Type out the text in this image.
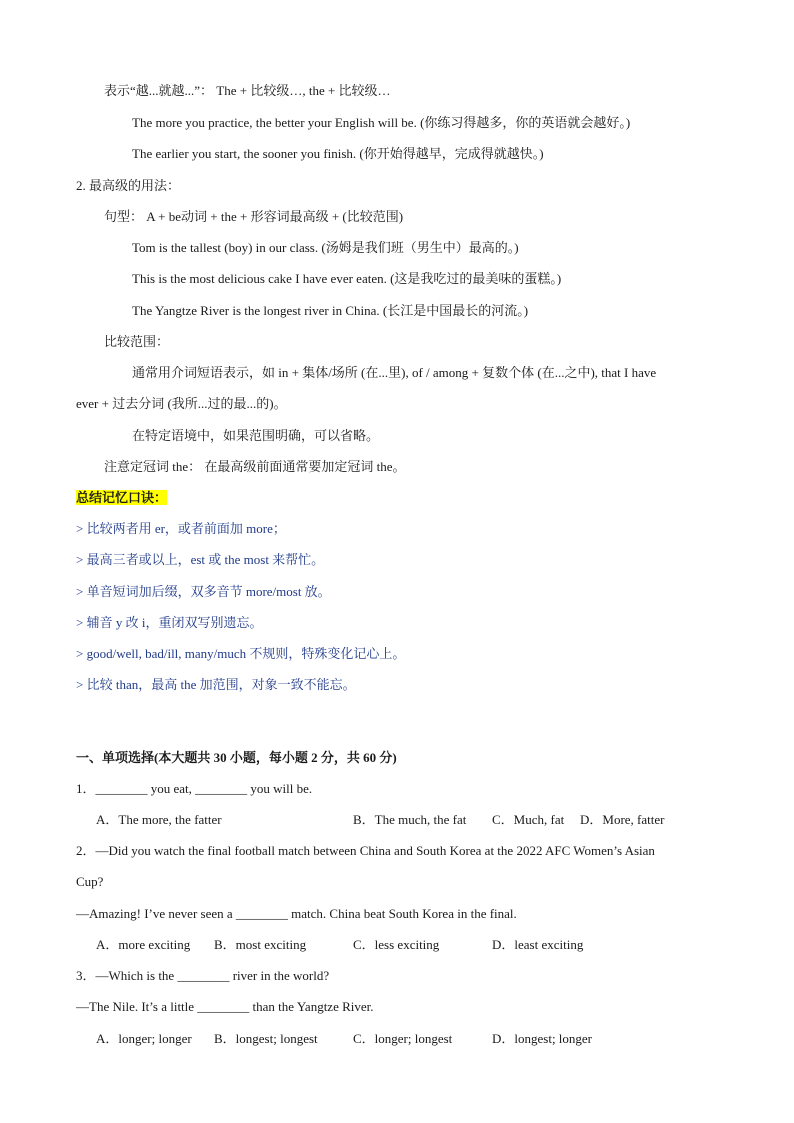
表示“越...就越...”： The + 比较级…, the + 比较级…
The more you practice, the better your English will be. (你练习得越多，你的英语就会越好。)
The earlier you start, the sooner you finish. (你开始得越早，完成得就越快。)
2. 最高级的用法：
句型： A + be动词 + the + 形容词最高级 + (比较范围)
Tom is the tallest (boy) in our class. (汤姆是我们班（男生中）最高的。)
This is the most delicious cake I have ever eaten. (这是我吃过的最美味的蛋糕。)
The Yangtze River is the longest river in China. (长江是中国最长的河流。)
比较范围：
通常用介词短语表示，如 in + 集体/场所 (在...里), of / among + 复数个体 (在...之中), that I have
ever + 过去分词 (我所...过的最...的)。
在特定语境中，如果范围明确，可以省略。
注意定冠词 the： 在最高级前面通常要加定冠词 the。
总结记忆口诀：
> 比较两者用 er，或者前面加 more；
> 最高三者或以上，est 或 the most 来帮忙。
> 单音短词加后缀，双多音节 more/most 放。
> 辅音 y 改 i，重闭双写别遗忘。
> good/well, bad/ill, many/much 不规则，特殊变化记心上。
> 比较 than，最高 the 加范围，对象一致不能忘。
一、单项选择(本大题共 30 小题，每小题 2 分，共 60 分)
1．________ you eat, ________ you will be.
A．The more, the fatter	B．The much, the fat C．Much, fat D．More, fatter
2．—Did you watch the final football match between China and South Korea at the 2022 AFC Women’s Asian
Cup?
—Amazing! I’ve never seen a ________ match. China beat South Korea in the final.
A．more exciting B．most exciting	C．less exciting	D．least exciting
3．—Which is the ________ river in the world?
—The Nile. It’s a little ________ than the Yangtze River.
A．longer; longer B．longest; longest	C．longer; longest	D．longest; longer
